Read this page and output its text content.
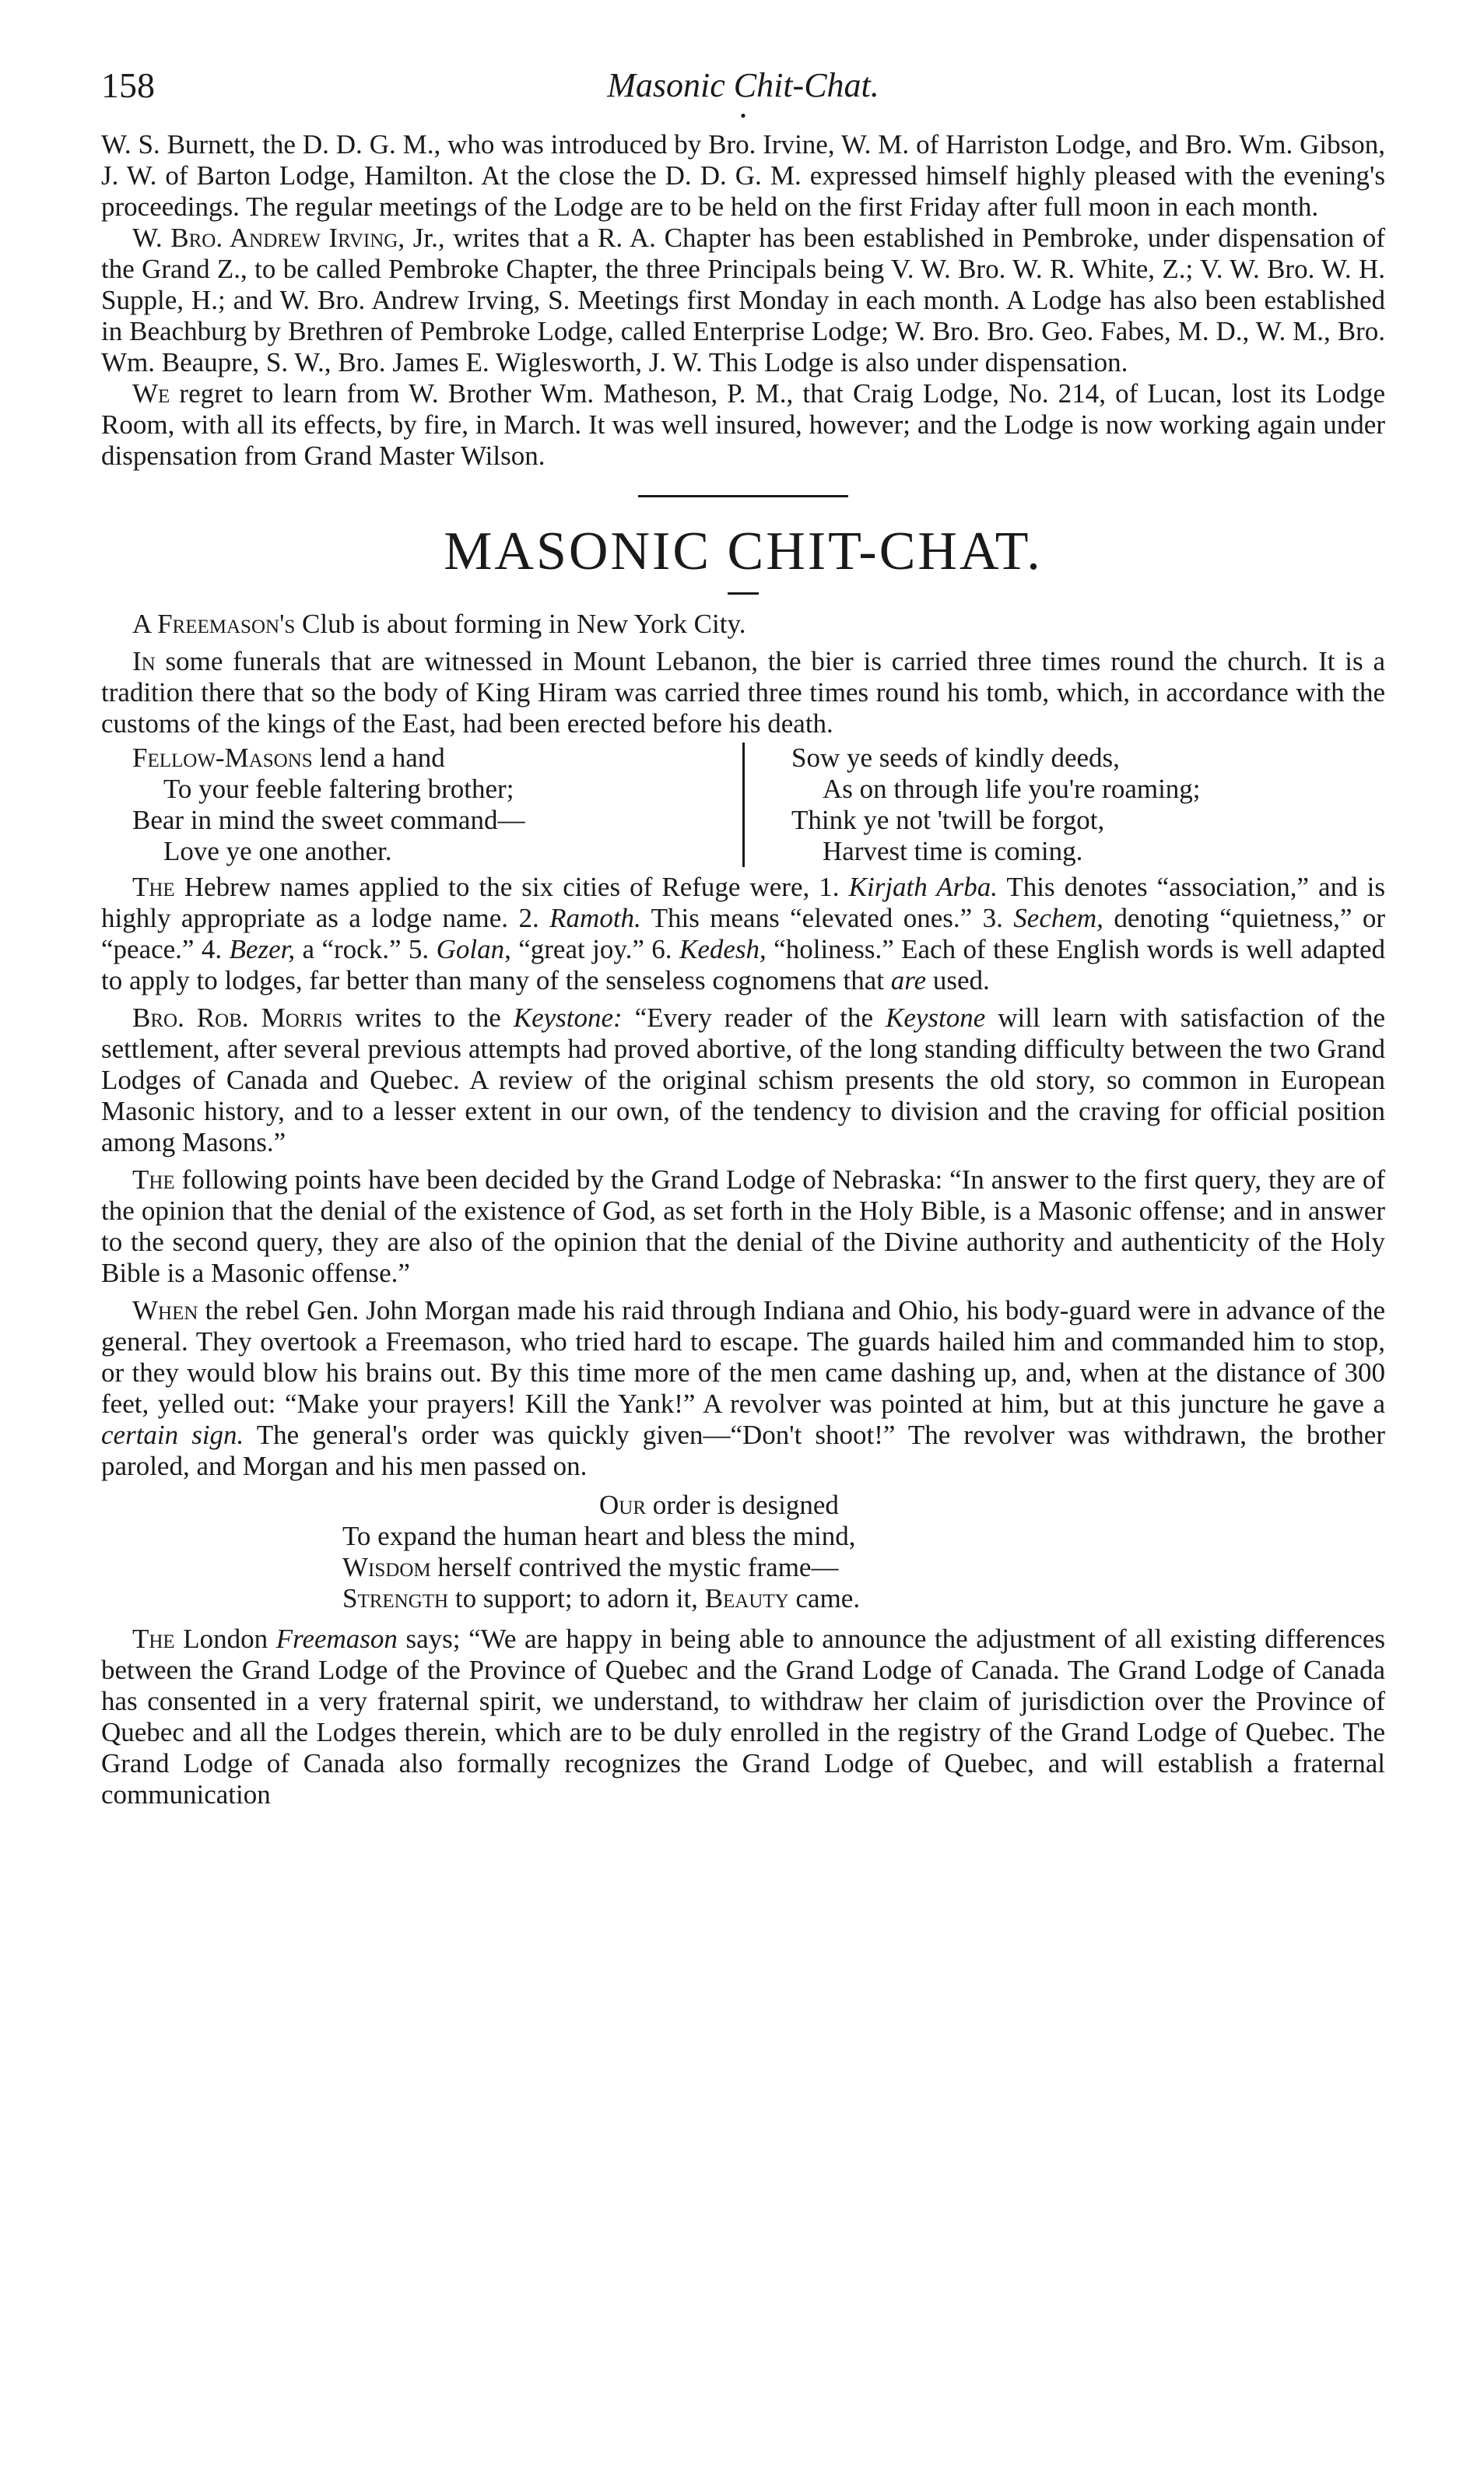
158	Masonic Chit-Chat.
•

W. S. Burnett, the D. D. G. M., who was introduced by Bro. Irvine, W. M. of Harriston Lodge, and Bro. Wm. Gibson, J. W. of Barton Lodge, Hamilton. At the close the D. D. G. M. expressed himself highly pleased with the evening's proceedings. The regular meetings of the Lodge are to be held on the first Friday after full moon in each month.

W. Bro. Andrew Irving, Jr., writes that a R. A. Chapter has been established in Pembroke, under dispensation of the Grand Z., to be called Pembroke Chapter, the three Principals being V. W. Bro. W. R. White, Z.; V. W. Bro. W. H. Supple, H.; and W. Bro. Andrew Irving, S. Meetings first Monday in each month. A Lodge has also been established in Beachburg by Brethren of Pembroke Lodge, called Enterprise Lodge; W. Bro. Bro. Geo. Fabes, M. D., W. M., Bro. Wm. Beaupre, S. W., Bro. James E. Wiglesworth, J. W. This Lodge is also under dispensation.

We regret to learn from W. Brother Wm. Matheson, P. M., that Craig Lodge, No. 214, of Lucan, lost its Lodge Room, with all its effects, by fire, in March. It was well insured, however; and the Lodge is now working again under dispensation from Grand Master Wilson.

MASONIC CHIT-CHAT.

A Freemason's Club is about forming in New York City.

In some funerals that are witnessed in Mount Lebanon, the bier is carried three times round the church. It is a tradition there that so the body of King Hiram was carried three times round his tomb, which, in accordance with the customs of the kings of the East, had been erected before his death.

Fellow-Masons lend a hand
To your feeble faltering brother;
Bear in mind the sweet command—
Love ye one another.
Sow ye seeds of kindly deeds,
As on through life you're roaming;
Think ye not 'twill be forgot,
Harvest time is coming.

The Hebrew names applied to the six cities of Refuge were, 1. Kirjath Arba. This denotes “association,” and is highly appropriate as a lodge name. 2. Ramoth. This means “elevated ones.” 3. Sechem, denoting “quietness,” or “peace.” 4. Bezer, a “rock.” 5. Golan, “great joy.” 6. Kedesh, “holiness.” Each of these English words is well adapted to apply to lodges, far better than many of the senseless cognomens that are used.

Bro. Rob. Morris writes to the Keystone: “Every reader of the Keystone will learn with satisfaction of the settlement, after several previous attempts had proved abortive, of the long standing difficulty between the two Grand Lodges of Canada and Quebec. A review of the original schism presents the old story, so common in European Masonic history, and to a lesser extent in our own, of the tendency to division and the craving for official position among Masons.”

The following points have been decided by the Grand Lodge of Nebraska: “In answer to the first query, they are of the opinion that the denial of the existence of God, as set forth in the Holy Bible, is a Masonic offense; and in answer to the second query, they are also of the opinion that the denial of the Divine authority and authenticity of the Holy Bible is a Masonic offense.”

When the rebel Gen. John Morgan made his raid through Indiana and Ohio, his body-guard were in advance of the general. They overtook a Freemason, who tried hard to escape. The guards hailed him and commanded him to stop, or they would blow his brains out. By this time more of the men came dashing up, and, when at the distance of 300 feet, yelled out: “Make your prayers! Kill the Yank!” A revolver was pointed at him, but at this juncture he gave a certain sign. The general's order was quickly given—“Don't shoot!” The revolver was withdrawn, the brother paroled, and Morgan and his men passed on.

Our order is designed
To expand the human heart and bless the mind,
Wisdom herself contrived the mystic frame—
Strength to support; to adorn it, Beauty came.

The London Freemason says; “We are happy in being able to announce the adjustment of all existing differences between the Grand Lodge of the Province of Quebec and the Grand Lodge of Canada. The Grand Lodge of Canada has consented in a very fraternal spirit, we understand, to withdraw her claim of jurisdiction over the Province of Quebec and all the Lodges therein, which are to be duly enrolled in the registry of the Grand Lodge of Quebec. The Grand Lodge of Canada also formally recognizes the Grand Lodge of Quebec, and will establish a fraternal communication
